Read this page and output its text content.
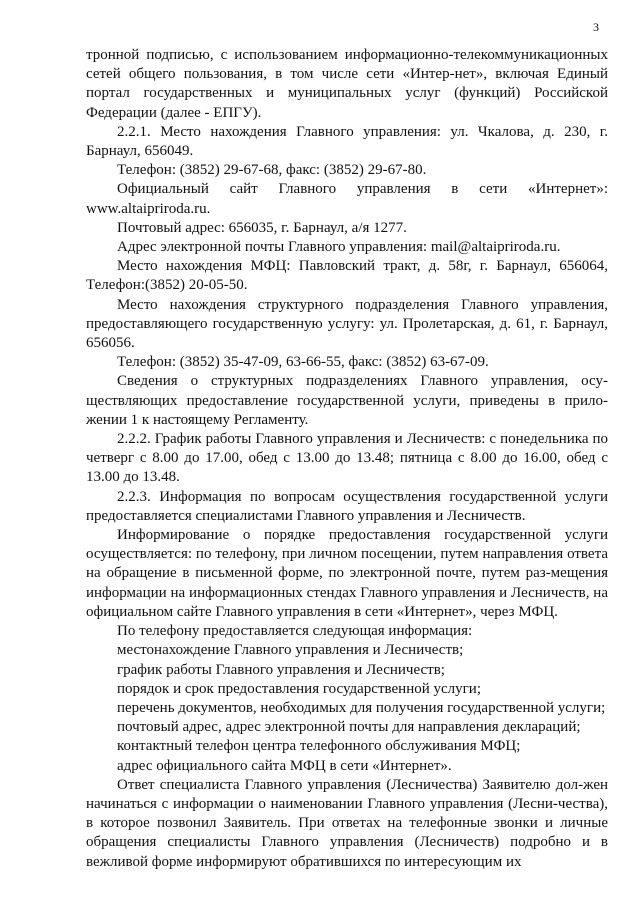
3

тронной подписью, с использованием информационно-телекоммуникационных сетей общего пользования, в том числе сети «Интер-нет», включая Единый портал государственных и муниципальных услуг (функций) Российской Федерации (далее - ЕПГУ).

2.2.1. Место нахождения Главного управления: ул. Чкалова, д. 230, г. Барнаул, 656049.

Телефон: (3852) 29-67-68, факс: (3852) 29-67-80.

Официальный сайт Главного управления в сети «Интернет»: www.altaipriroda.ru.

Почтовый адрес: 656035, г. Барнаул, а/я 1277.

Адрес электронной почты Главного управления: mail@altaipriroda.ru.

Место нахождения МФЦ: Павловский тракт, д. 58г, г. Барнаул, 656064, Телефон:(3852) 20-05-50.

Место нахождения структурного подразделения Главного управления, предоставляющего государственную услугу: ул. Пролетарская, д. 61, г. Барнаул, 656056.

Телефон: (3852) 35-47-09, 63-66-55, факс: (3852) 63-67-09.

Сведения о структурных подразделениях Главного управления, осу-ществляющих предоставление государственной услуги, приведены в прило-жении 1 к настоящему Регламенту.

2.2.2. График работы Главного управления и Лесничеств: с понедельника по четверг с 8.00 до 17.00, обед с 13.00 до 13.48; пятница с 8.00 до 16.00, обед с 13.00 до 13.48.

2.2.3. Информация по вопросам осуществления государственной услуги предоставляется специалистами Главного управления и Лесничеств.

Информирование о порядке предоставления государственной услуги осуществляется: по телефону, при личном посещении, путем направления ответа на обращение в письменной форме, по электронной почте, путем раз-мещения информации на информационных стендах Главного управления и Лесничеств, на официальном сайте Главного управления в сети «Интернет», через МФЦ.

По телефону предоставляется следующая информация:

местонахождение Главного управления и Лесничеств;

график работы Главного управления и Лесничеств;

порядок и срок предоставления государственной услуги;

перечень документов, необходимых для получения государственной услуги;

почтовый адрес, адрес электронной почты для направления деклараций;

контактный телефон центра телефонного обслуживания МФЦ;

адрес официального сайта МФЦ в сети «Интернет».

Ответ специалиста Главного управления (Лесничества) Заявителю дол-жен начинаться с информации о наименовании Главного управления (Лесни-чества), в которое позвонил Заявитель. При ответах на телефонные звонки и личные обращения специалисты Главного управления (Лесничеств) подробно и в вежливой форме информируют обратившихся по интересующим их
